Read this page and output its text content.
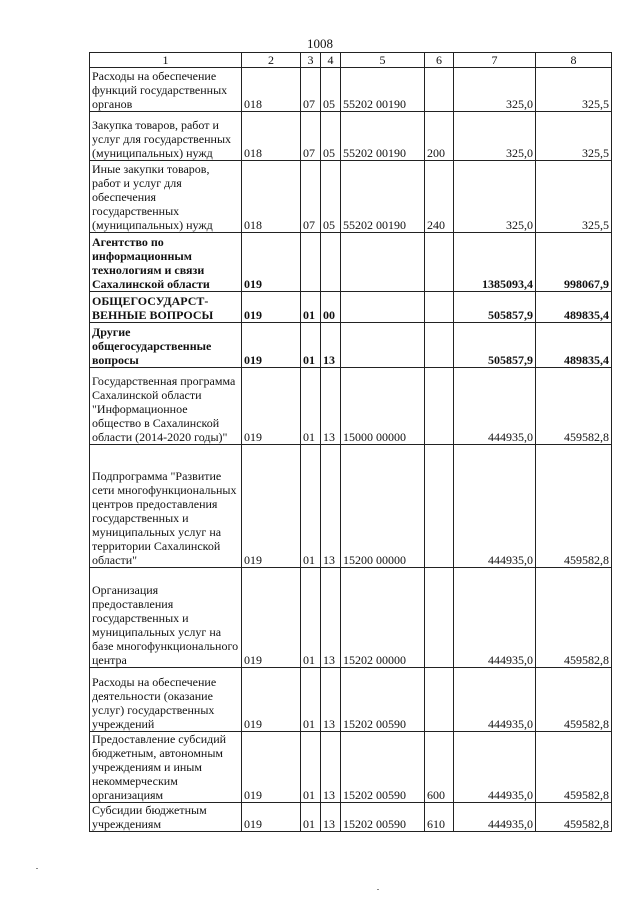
1008
1	2	3	4	5	6	7	8
Расходы на обеспечение функций государственных органов	018	07	05	55202 00190		325,0	325,5
Закупка товаров, работ и услуг для государственных (муниципальных) нужд	018	07	05	55202 00190	200	325,0	325,5
Иные закупки товаров, работ и услуг для обеспечения государственных (муниципальных) нужд	018	07	05	55202 00190	240	325,0	325,5
Агентство по информационным технологиям и связи Сахалинской области	019					1385093,4	998067,9
ОБЩЕГОСУДАРСТ-ВЕННЫЕ ВОПРОСЫ	019	01	00			505857,9	489835,4
Другие общегосударственные вопросы	019	01	13			505857,9	489835,4
Государственная программа Сахалинской области "Информационное общество в Сахалинской области (2014-2020 годы)"	019	01	13	15000 00000		444935,0	459582,8
Подпрограмма "Развитие сети многофункциональных центров предоставления государственных и муниципальных услуг на территории Сахалинской области"	019	01	13	15200 00000		444935,0	459582,8
Организация предоставления государственных и муниципальных услуг на базе многофункционального центра	019	01	13	15202 00000		444935,0	459582,8
Расходы на обеспечение деятельности (оказание услуг) государственных учреждений	019	01	13	15202 00590		444935,0	459582,8
Предоставление субсидий бюджетным, автономным учреждениям и иным некоммерческим организациям	019	01	13	15202 00590	600	444935,0	459582,8
Субсидии бюджетным учреждениям	019	01	13	15202 00590	610	444935,0	459582,8
